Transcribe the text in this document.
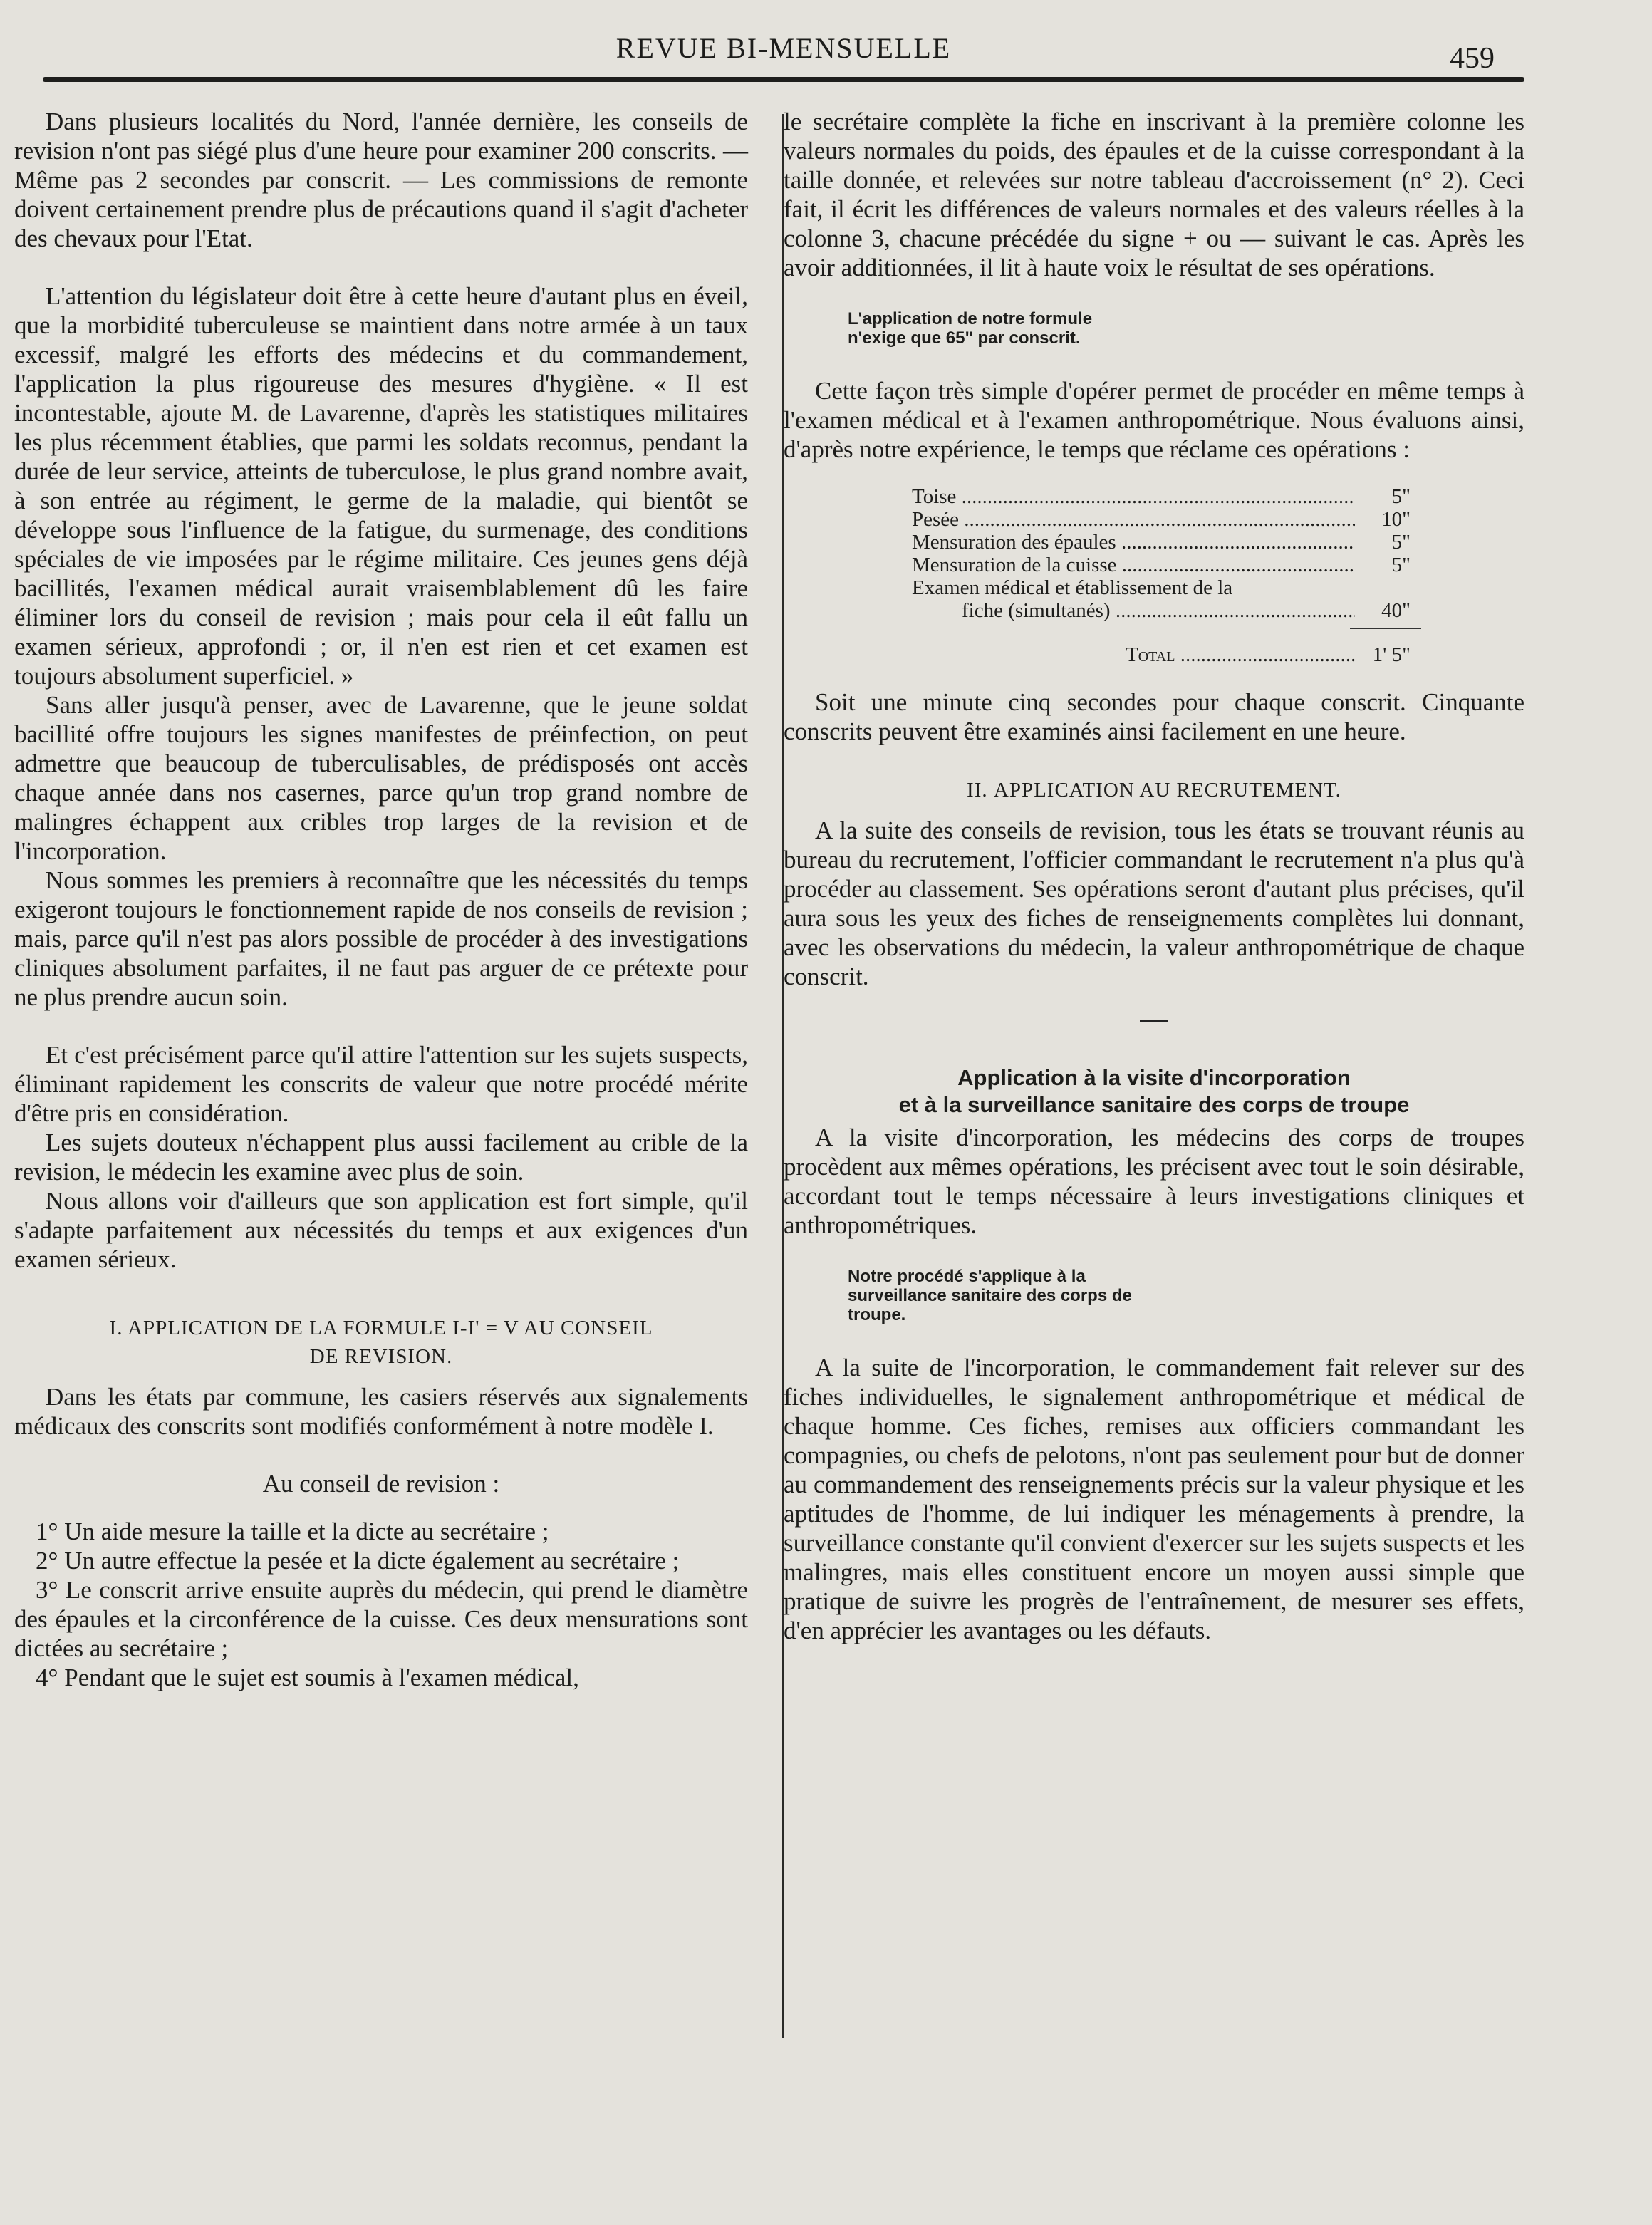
REVUE BI-MENSUELLE	459

Dans plusieurs localités du Nord, l'année dernière, les conseils de revision n'ont pas siégé plus d'une heure pour examiner 200 conscrits. — Même pas 2 secondes par conscrit. — Les commissions de remonte doivent certainement prendre plus de précautions quand il s'agit d'acheter des chevaux pour l'Etat.

L'attention du législateur doit être à cette heure d'autant plus en éveil, que la morbidité tuberculeuse se maintient dans notre armée à un taux excessif, malgré les efforts des médecins et du commandement, l'application la plus rigoureuse des mesures d'hygiène. « Il est incontestable, ajoute M. de Lavarenne, d'après les statistiques militaires les plus récemment établies, que parmi les soldats reconnus, pendant la durée de leur service, atteints de tuberculose, le plus grand nombre avait, à son entrée au régiment, le germe de la maladie, qui bientôt se développe sous l'influence de la fatigue, du surmenage, des conditions spéciales de vie imposées par le régime militaire. Ces jeunes gens déjà bacillités, l'examen médical aurait vraisemblablement dû les faire éliminer lors du conseil de revision ; mais pour cela il eût fallu un examen sérieux, approfondi ; or, il n'en est rien et cet examen est toujours absolument superficiel. »

Sans aller jusqu'à penser, avec de Lavarenne, que le jeune soldat bacillité offre toujours les signes manifestes de préinfection, on peut admettre que beaucoup de tuberculisables, de prédisposés ont accès chaque année dans nos casernes, parce qu'un trop grand nombre de malingres échappent aux cribles trop larges de la revision et de l'incorporation.

Nous sommes les premiers à reconnaître que les nécessités du temps exigeront toujours le fonctionnement rapide de nos conseils de revision ; mais, parce qu'il n'est pas alors possible de procéder à des investigations cliniques absolument parfaites, il ne faut pas arguer de ce prétexte pour ne plus prendre aucun soin.

Et c'est précisément parce qu'il attire l'attention sur les sujets suspects, éliminant rapidement les conscrits de valeur que notre procédé mérite d'être pris en considération.

Les sujets douteux n'échappent plus aussi facilement au crible de la revision, le médecin les examine avec plus de soin.

Nous allons voir d'ailleurs que son application est fort simple, qu'il s'adapte parfaitement aux nécessités du temps et aux exigences d'un examen sérieux.

I. APPLICATION DE LA FORMULE I-I' = V AU CONSEIL
DE REVISION.

Dans les états par commune, les casiers réservés aux signalements médicaux des conscrits sont modifiés conformément à notre modèle I.

Au conseil de revision :

1° Un aide mesure la taille et la dicte au secrétaire ;

2° Un autre effectue la pesée et la dicte également au secrétaire ;

3° Le conscrit arrive ensuite auprès du médecin, qui prend le diamètre des épaules et la circonférence de la cuisse. Ces deux mensurations sont dictées au secrétaire ;

4° Pendant que le sujet est soumis à l'examen médical,

le secrétaire complète la fiche en inscrivant à la première colonne les valeurs normales du poids, des épaules et de la cuisse correspondant à la taille donnée, et relevées sur notre tableau d'accroissement (n° 2). Ceci fait, il écrit les différences de valeurs normales et des valeurs réelles à la colonne 3, chacune précédée du signe + ou — suivant le cas. Après les avoir additionnées, il lit à haute voix le résultat de ses opérations.

L'application de notre formule n'exige que 65" par conscrit.

Cette façon très simple d'opérer permet de procéder en même temps à l'examen médical et à l'examen anthropométrique. Nous évaluons ainsi, d'après notre expérience, le temps que réclame ces opérations :

Toise .....	5"
Pesée .....	10"
Mensuration des épaules .....	5"
Mensuration de la cuisse .....	5"
Examen médical et établissement de la
fiche (simultanés) .....	40"
Total .....	1' 5"

Soit une minute cinq secondes pour chaque conscrit. Cinquante conscrits peuvent être examinés ainsi facilement en une heure.

II. APPLICATION AU RECRUTEMENT.

A la suite des conseils de revision, tous les états se trouvant réunis au bureau du recrutement, l'officier commandant le recrutement n'a plus qu'à procéder au classement. Ses opérations seront d'autant plus précises, qu'il aura sous les yeux des fiches de renseignements complètes lui donnant, avec les observations du médecin, la valeur anthropométrique de chaque conscrit.

Application à la visite d'incorporation
et à la surveillance sanitaire des corps de troupe

A la visite d'incorporation, les médecins des corps de troupes procèdent aux mêmes opérations, les précisent avec tout le soin désirable, accordant tout le temps nécessaire à leurs investigations cliniques et anthropométriques.

Notre procédé s'applique à la surveillance sanitaire des corps de troupe.

A la suite de l'incorporation, le commandement fait relever sur des fiches individuelles, le signalement anthropométrique et médical de chaque homme. Ces fiches, remises aux officiers commandant les compagnies, ou chefs de pelotons, n'ont pas seulement pour but de donner au commandement des renseignements précis sur la valeur physique et les aptitudes de l'homme, de lui indiquer les ménagements à prendre, la surveillance constante qu'il convient d'exercer sur les sujets suspects et les malingres, mais elles constituent encore un moyen aussi simple que pratique de suivre les progrès de l'entraînement, de mesurer ses effets, d'en apprécier les avantages ou les défauts.
